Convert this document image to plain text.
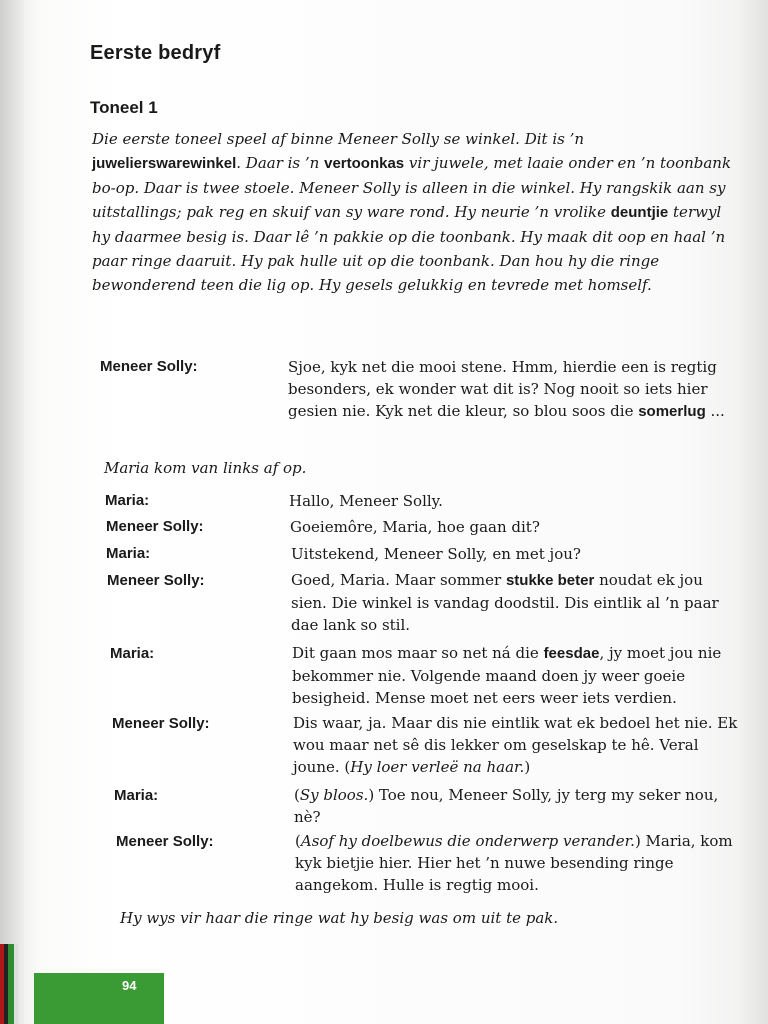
Eerste bedryf
Toneel 1
Die eerste toneel speel af binne Meneer Solly se winkel. Dit is ’n juwelierswarewinkel. Daar is ’n vertoonkas vir juwele, met laaie onder en ’n toonbank bo-op. Daar is twee stoele. Meneer Solly is alleen in die winkel. Hy rangskik aan sy uitstallings; pak reg en skuif van sy ware rond. Hy neurie ’n vrolike deuntjie terwyl hy daarmee besig is. Daar lê ’n pakkie op die toonbank. Hy maak dit oop en haal ’n paar ringe daaruit. Hy pak hulle uit op die toonbank. Dan hou hy die ringe bewonderend teen die lig op. Hy gesels gelukkig en tevrede met homself.
Meneer Solly:	Sjoe, kyk net die mooi stene. Hmm, hierdie een is regtig besonders, ek wonder wat dit is? Nog nooit so iets hier gesien nie. Kyk net die kleur, so blou soos die somerlug ...
Maria kom van links af op.
Maria:	Hallo, Meneer Solly.
Meneer Solly:	Goeiemôre, Maria, hoe gaan dit?
Maria:	Uitstekend, Meneer Solly, en met jou?
Meneer Solly:	Goed, Maria. Maar sommer stukke beter noudat ek jou sien. Die winkel is vandag doodstil. Dis eintlik al ’n paar dae lank so stil.
Maria:	Dit gaan mos maar so net ná die feesdae, jy moet jou nie bekommer nie. Volgende maand doen jy weer goeie besigheid. Mense moet net eers weer iets verdien.
Meneer Solly:	Dis waar, ja. Maar dis nie eintlik wat ek bedoel het nie. Ek wou maar net sê dis lekker om geselskap te hê. Veral joune. (Hy loer verleë na haar.)
Maria:	(Sy bloos.) Toe nou, Meneer Solly, jy terg my seker nou, nè?
Meneer Solly:	(Asof hy doelbewus die onderwerp verander.) Maria, kom kyk bietjie hier. Hier het ’n nuwe besending ringe aangekom. Hulle is regtig mooi.
Hy wys vir haar die ringe wat hy besig was om uit te pak.
94
